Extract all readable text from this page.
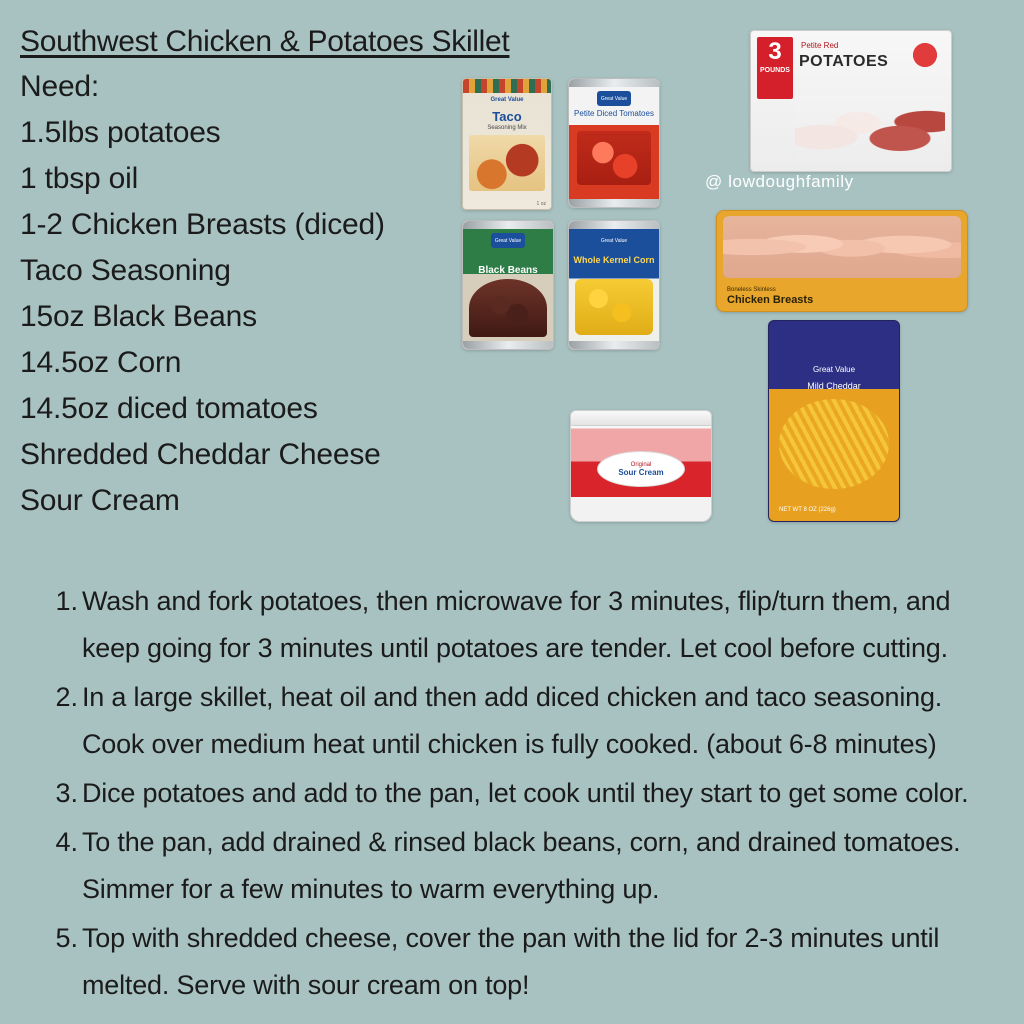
Southwest Chicken & Potatoes Skillet
Need:
1.5lbs potatoes
1 tbsp oil
1-2 Chicken Breasts (diced)
Taco Seasoning
15oz Black Beans
14.5oz Corn
14.5oz diced tomatoes
Shredded Cheddar Cheese
Sour Cream
Great Value
Taco
Seasoning Mix
1 oz
Great Value
Petite Diced Tomatoes
Great Value
Black Beans
Great Value
Whole Kernel Corn
3
POUNDS
Petite Red
POTATOES
Boneless Skinless
Chicken Breasts
Great Value
Mild Cheddar
NET WT 8 OZ (226g)
Original
Sour Cream
@ lowdoughfamily
1. Wash and fork potatoes, then microwave for 3 minutes, flip/turn them, and keep going for 3 minutes until potatoes are tender. Let cool before cutting.
2. In a large skillet, heat oil and then add diced chicken and taco seasoning. Cook over medium heat until chicken is fully cooked. (about 6-8 minutes)
3. Dice potatoes and add to the pan, let cook until they start to get some color.
4. To the pan, add drained & rinsed black beans, corn, and drained tomatoes. Simmer for a few minutes to warm everything up.
5. Top with shredded cheese, cover the pan with the lid for 2-3 minutes until melted. Serve with sour cream on top!
